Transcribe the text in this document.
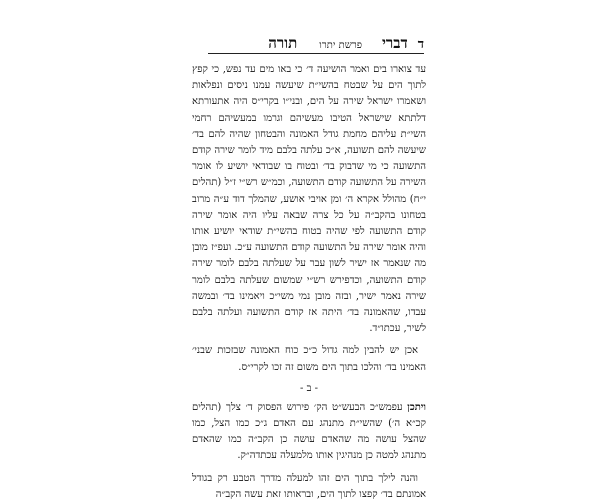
ד
דברי
פרשת יתרו
תורה

עד צוארו בים ואמר הושיעה ד׳ כי באו מים עד נפש, כי קפץ לתוך הים על שבטח בהשי״ת שיעשה עמנו ניסים ונפלאות ושאמרו ישראל שירה על הים, ובני״ו בקרי״ס היה אתעורתא דלתתא שישראל הטיבו מעשיהם וגרמו במעשיהם רחמי השי״ת עליהם מחמת גודל האמונה והבטחון שהיה להם בד׳ שיעשה להם תשועה, א״כ עלתה בלבם מיד לומר שירה קודם התשועה כי מי שדבוק בד׳ ובטוח בו שבודאי יושיע לו אומר השירה על התשועה קודם התשועה, וכמ״ש רש״י ז״ל (תהלים י״ח) מהולל אקרא ה׳ ומן אויבי אושע, שהמלך דוד ע״ה מרוב בטחונו בהקב״ה על כל צרה שבאה עליו היה אומר שירה קודם התשועה לפי שהיה בטוח בהשי״ת שודאי יושיע אותו והיה אומר שירה על התשועה קודם התשועה ע״כ. ועפ״ז מובן מה שנאמר אז ישיר לשון עבר על שעלתה בלבם לומר שירה קודם התשועה, וכדפירש רש״י שמשום שעלתה בלבם לומר שירה נאמר ישיר, ובזה מובן נמי משי״כ ויאמינו בד׳ ובמשה עבדו, שהאמונה בד׳ היתה אז קודם התשועה ועלתה בלבם לשיר, עכתו״ד.

אכן יש להבין למה גדול כ״כ כוח האמונה שבזכות שבני׳ האמינו בד׳ והלכו בתוך הים משום זה זכו לקרי״ס.

- ב -

ויתכן עפמש״כ הבעש״ט הק׳ פירוש הפסוק ד׳ צלך (תהלים קכ״א ה׳) שהשי״ת מתנהג עם האדם ג״כ כמו הצל, כמו שהצל עושה מה שהאדם עושה כן הקב״ה כמו שהאדם מתנהג למטה כן מנהיגין אותו מלמעלה עכתדה״ק.

והנה לילך בתוך הים זהו למעלה מדרך הטבע רק בגודל אמונתם בד׳ קפצו לתוך הים, ובראותו זאת עשה הקב״ה
